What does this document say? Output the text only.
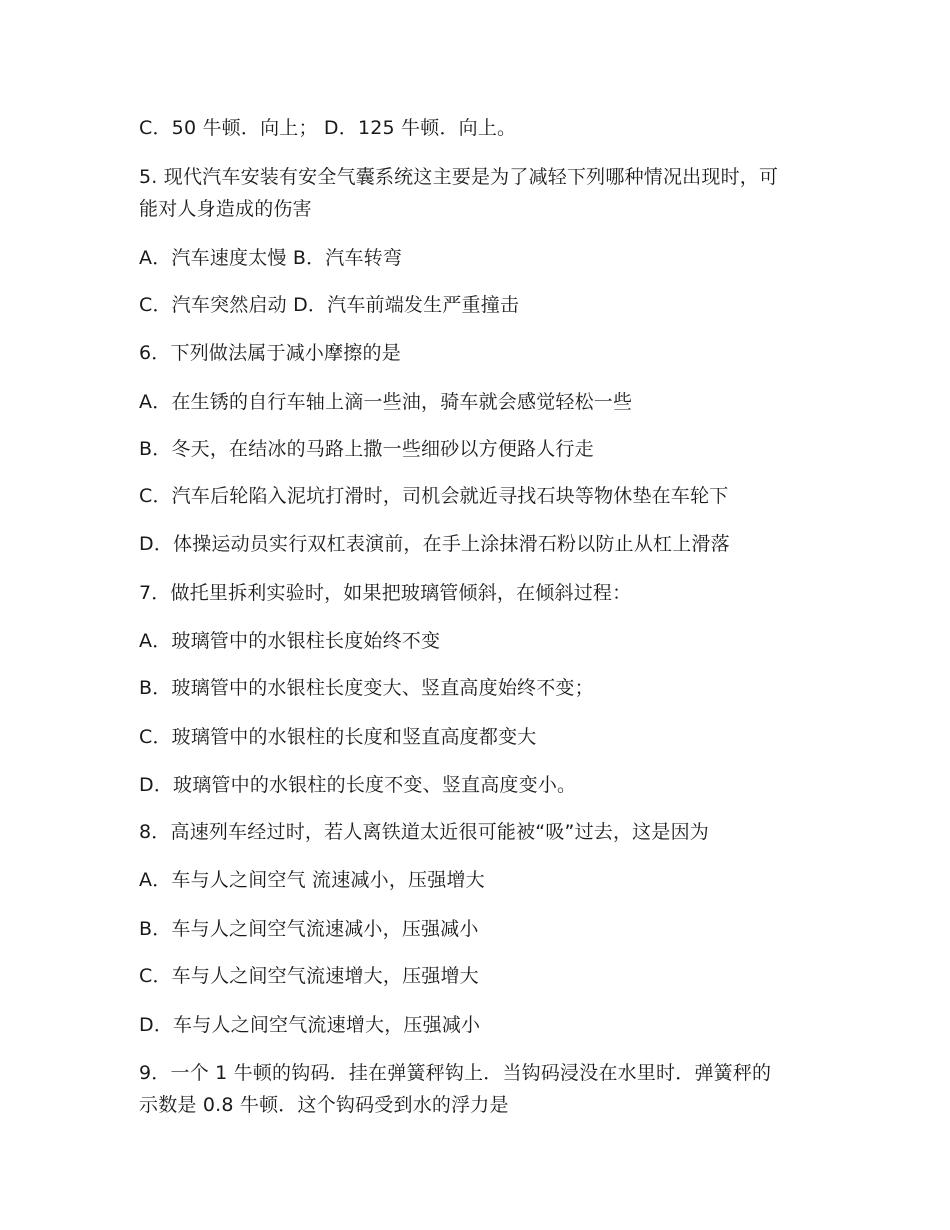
C．50 牛顿．向上； D．125 牛顿．向上。
5. 现代汽车安装有安全气囊系统这主要是为了减轻下列哪种情况出现时，可能对人身造成的伤害
A．汽车速度太慢 B．汽车转弯
C．汽车突然启动 D．汽车前端发生严重撞击
6．下列做法属于减小摩擦的是
A．在生锈的自行车轴上滴一些油，骑车就会感觉轻松一些
B．冬天，在结冰的马路上撒一些细砂以方便路人行走
C．汽车后轮陷入泥坑打滑时，司机会就近寻找石块等物休垫在车轮下
D．体操运动员实行双杠表演前，在手上涂抹滑石粉以防止从杠上滑落
7．做托里拆利实验时，如果把玻璃管倾斜，在倾斜过程：
A．玻璃管中的水银柱长度始终不变
B．玻璃管中的水银柱长度变大、竖直高度始终不变；
C．玻璃管中的水银柱的长度和竖直高度都变大
D．玻璃管中的水银柱的长度不变、竖直高度变小。
8．高速列车经过时，若人离铁道太近很可能被“吸”过去，这是因为
A．车与人之间空气 流速减小，压强增大
B．车与人之间空气流速减小，压强减小
C．车与人之间空气流速增大，压强增大
D．车与人之间空气流速增大，压强减小
9．一个 1 牛顿的钩码．挂在弹簧秤钩上．当钩码浸没在水里时．弹簧秤的示数是 0.8 牛顿．这个钩码受到水的浮力是
